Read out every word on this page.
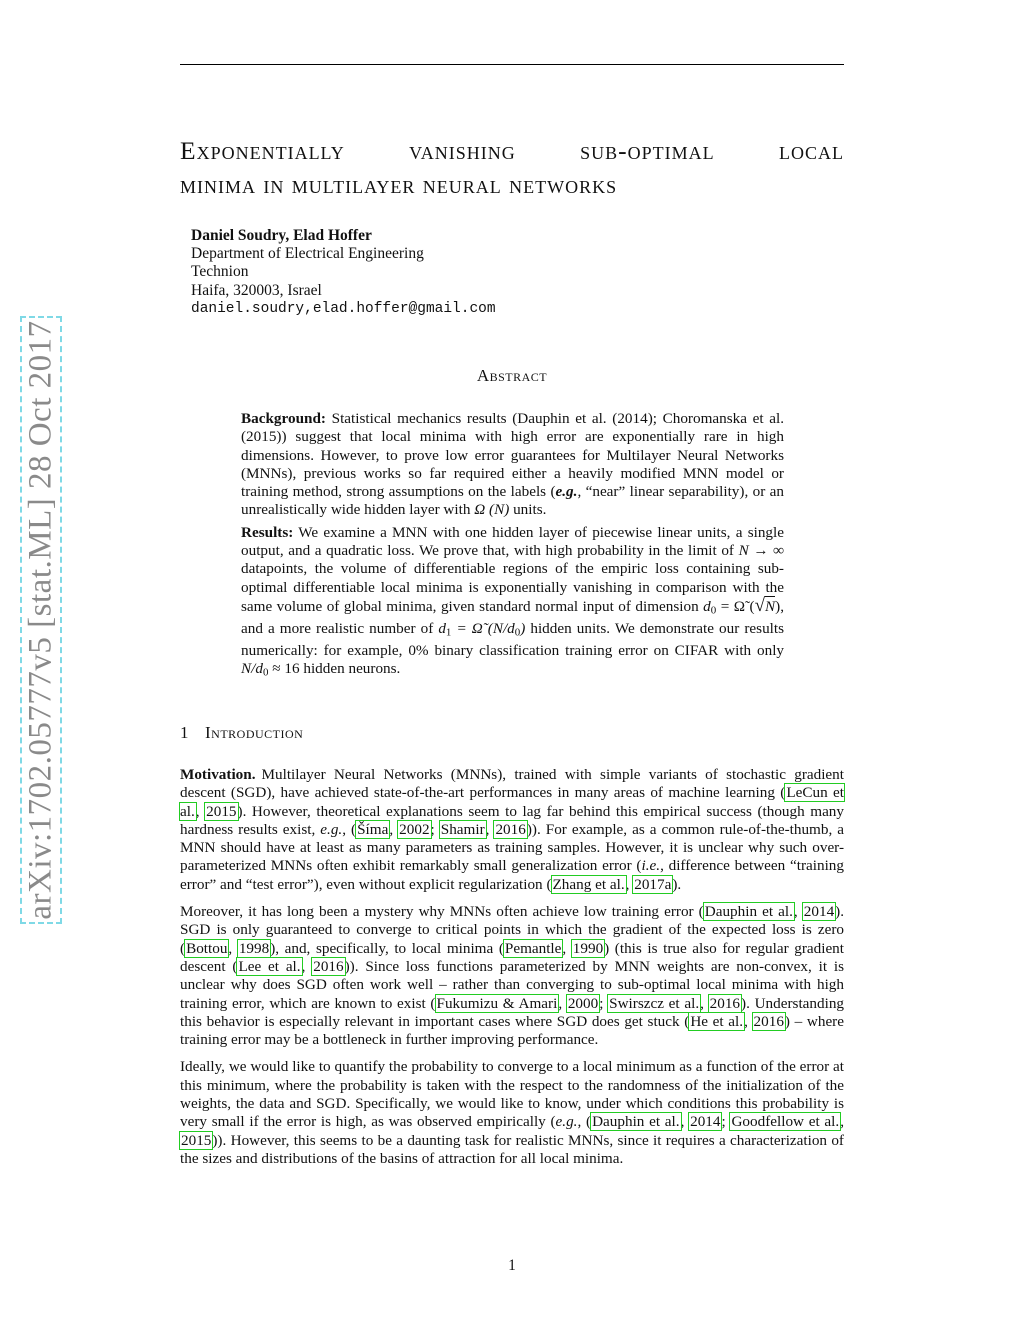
arXiv:1702.05777v5 [stat.ML] 28 Oct 2017
Exponentially vanishing sub-optimal local
minima in multilayer neural networks
Daniel Soudry, Elad Hoffer
Department of Electrical Engineering
Technion
Haifa, 320003, Israel
daniel.soudry,elad.hoffer@gmail.com
Abstract

Background: Statistical mechanics results (Dauphin et al. (2014); Choromanska et al. (2015)) suggest that local minima with high error are exponentially rare in high dimensions. However, to prove low error guarantees for Multilayer Neural Networks (MNNs), previous works so far required either a heavily modified MNN model or training method, strong assumptions on the labels (e.g., “near” linear separability), or an unrealistically wide hidden layer with Ω (N) units.

Results: We examine a MNN with one hidden layer of piecewise linear units, a single output, and a quadratic loss. We prove that, with high probability in the limit of N → ∞ datapoints, the volume of differentiable regions of the empiric loss containing sub-optimal differentiable local minima is exponentially vanishing in comparison with the same volume of global minima, given standard normal input of dimension $d_0$ = Ω̃ (√N), and a more realistic number of $d_1$ = Ω̃ $(N/d_0)$ hidden units. We demonstrate our results numerically: for example, 0% binary classification training error on CIFAR with only $N/d_0 \approx 16$ hidden neurons.

1 Introduction

Motivation. Multilayer Neural Networks (MNNs), trained with simple variants of stochastic gradient descent (SGD), have achieved state-of-the-art performances in many areas of machine learning (LeCun et al., 2015). However, theoretical explanations seem to lag far behind this empirical success (though many hardness results exist, e.g., (Šíma, 2002; Shamir, 2016)). For example, as a common rule-of-the-thumb, a MNN should have at least as many parameters as training samples. However, it is unclear why such over-parameterized MNNs often exhibit remarkably small generalization error (i.e., difference between “training error” and “test error”), even without explicit regularization (Zhang et al., 2017a).

Moreover, it has long been a mystery why MNNs often achieve low training error (Dauphin et al., 2014). SGD is only guaranteed to converge to critical points in which the gradient of the expected loss is zero (Bottou, 1998), and, specifically, to local minima (Pemantle, 1990) (this is true also for regular gradient descent (Lee et al., 2016)). Since loss functions parameterized by MNN weights are non-convex, it is unclear why does SGD often work well – rather than converging to sub-optimal local minima with high training error, which are known to exist (Fukumizu & Amari, 2000; Swirszcz et al., 2016). Understanding this behavior is especially relevant in important cases where SGD does get stuck (He et al., 2016) – where training error may be a bottleneck in further improving performance.

Ideally, we would like to quantify the probability to converge to a local minimum as a function of the error at this minimum, where the probability is taken with the respect to the randomness of the initialization of the weights, the data and SGD. Specifically, we would like to know, under which conditions this probability is very small if the error is high, as was observed empirically (e.g., (Dauphin et al., 2014; Goodfellow et al., 2015)). However, this seems to be a daunting task for realistic MNNs, since it requires a characterization of the sizes and distributions of the basins of attraction for all local minima.

1
